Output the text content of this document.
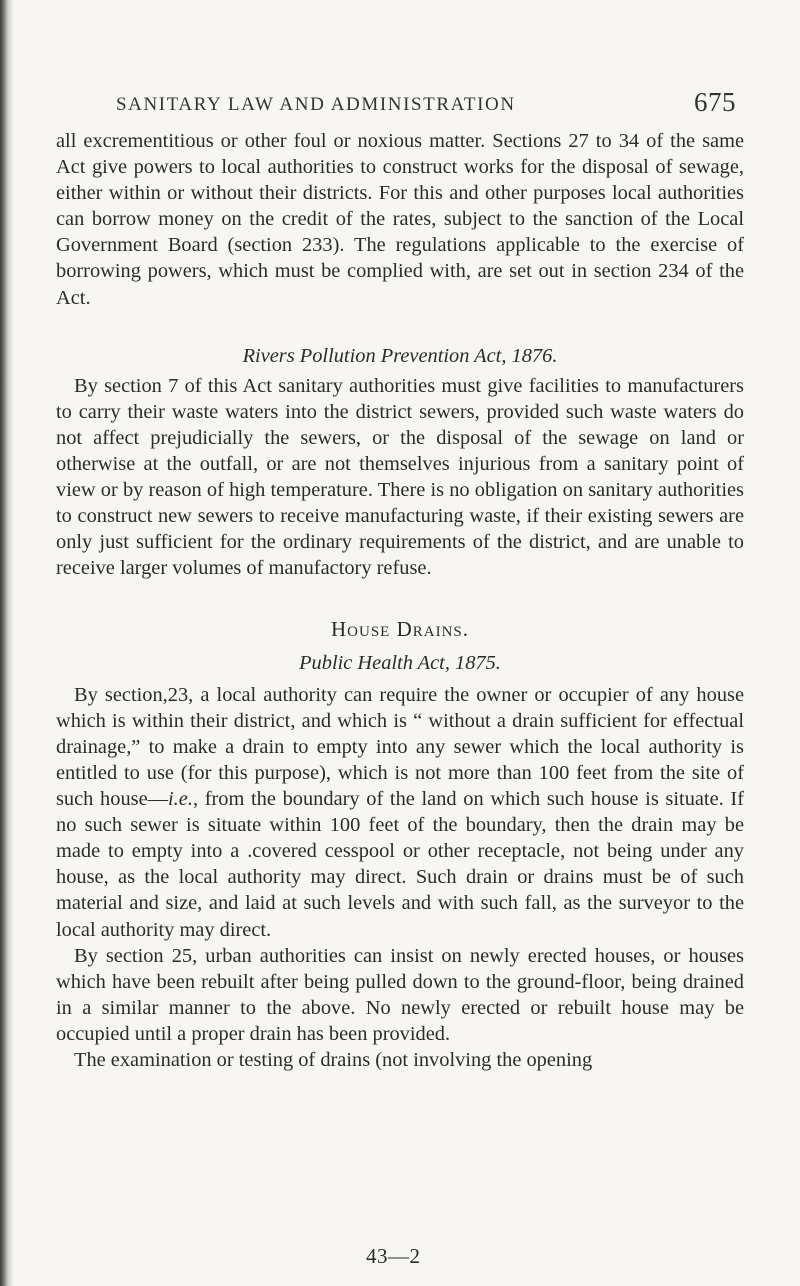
SANITARY LAW AND ADMINISTRATION	675

all excrementitious or other foul or noxious matter. Sections 27 to 34 of the same Act give powers to local authorities to construct works for the disposal of sewage, either within or without their districts. For this and other purposes local authorities can borrow money on the credit of the rates, subject to the sanction of the Local Government Board (section 233). The regulations applicable to the exercise of borrowing powers, which must be complied with, are set out in section 234 of the Act.

Rivers Pollution Prevention Act, 1876.

By section 7 of this Act sanitary authorities must give facilities to manufacturers to carry their waste waters into the district sewers, provided such waste waters do not affect prejudicially the sewers, or the disposal of the sewage on land or otherwise at the outfall, or are not themselves injurious from a sanitary point of view or by reason of high temperature. There is no obligation on sanitary authorities to construct new sewers to receive manufacturing waste, if their existing sewers are only just sufficient for the ordinary requirements of the district, and are unable to receive larger volumes of manufactory refuse.

House Drains.

Public Health Act, 1875.

By section,23, a local authority can require the owner or occupier of any house which is within their district, and which is “ without a drain sufficient for effectual drainage,” to make a drain to empty into any sewer which the local authority is entitled to use (for this purpose), which is not more than 100 feet from the site of such house—i.e., from the boundary of the land on which such house is situate. If no such sewer is situate within 100 feet of the boundary, then the drain may be made to empty into a .covered cesspool or other receptacle, not being under any house, as the local authority may direct. Such drain or drains must be of such material and size, and laid at such levels and with such fall, as the surveyor to the local authority may direct.

By section 25, urban authorities can insist on newly erected houses, or houses which have been rebuilt after being pulled down to the ground-floor, being drained in a similar manner to the above. No newly erected or rebuilt house may be occupied until a proper drain has been provided.

The examination or testing of drains (not involving the opening

43—2
